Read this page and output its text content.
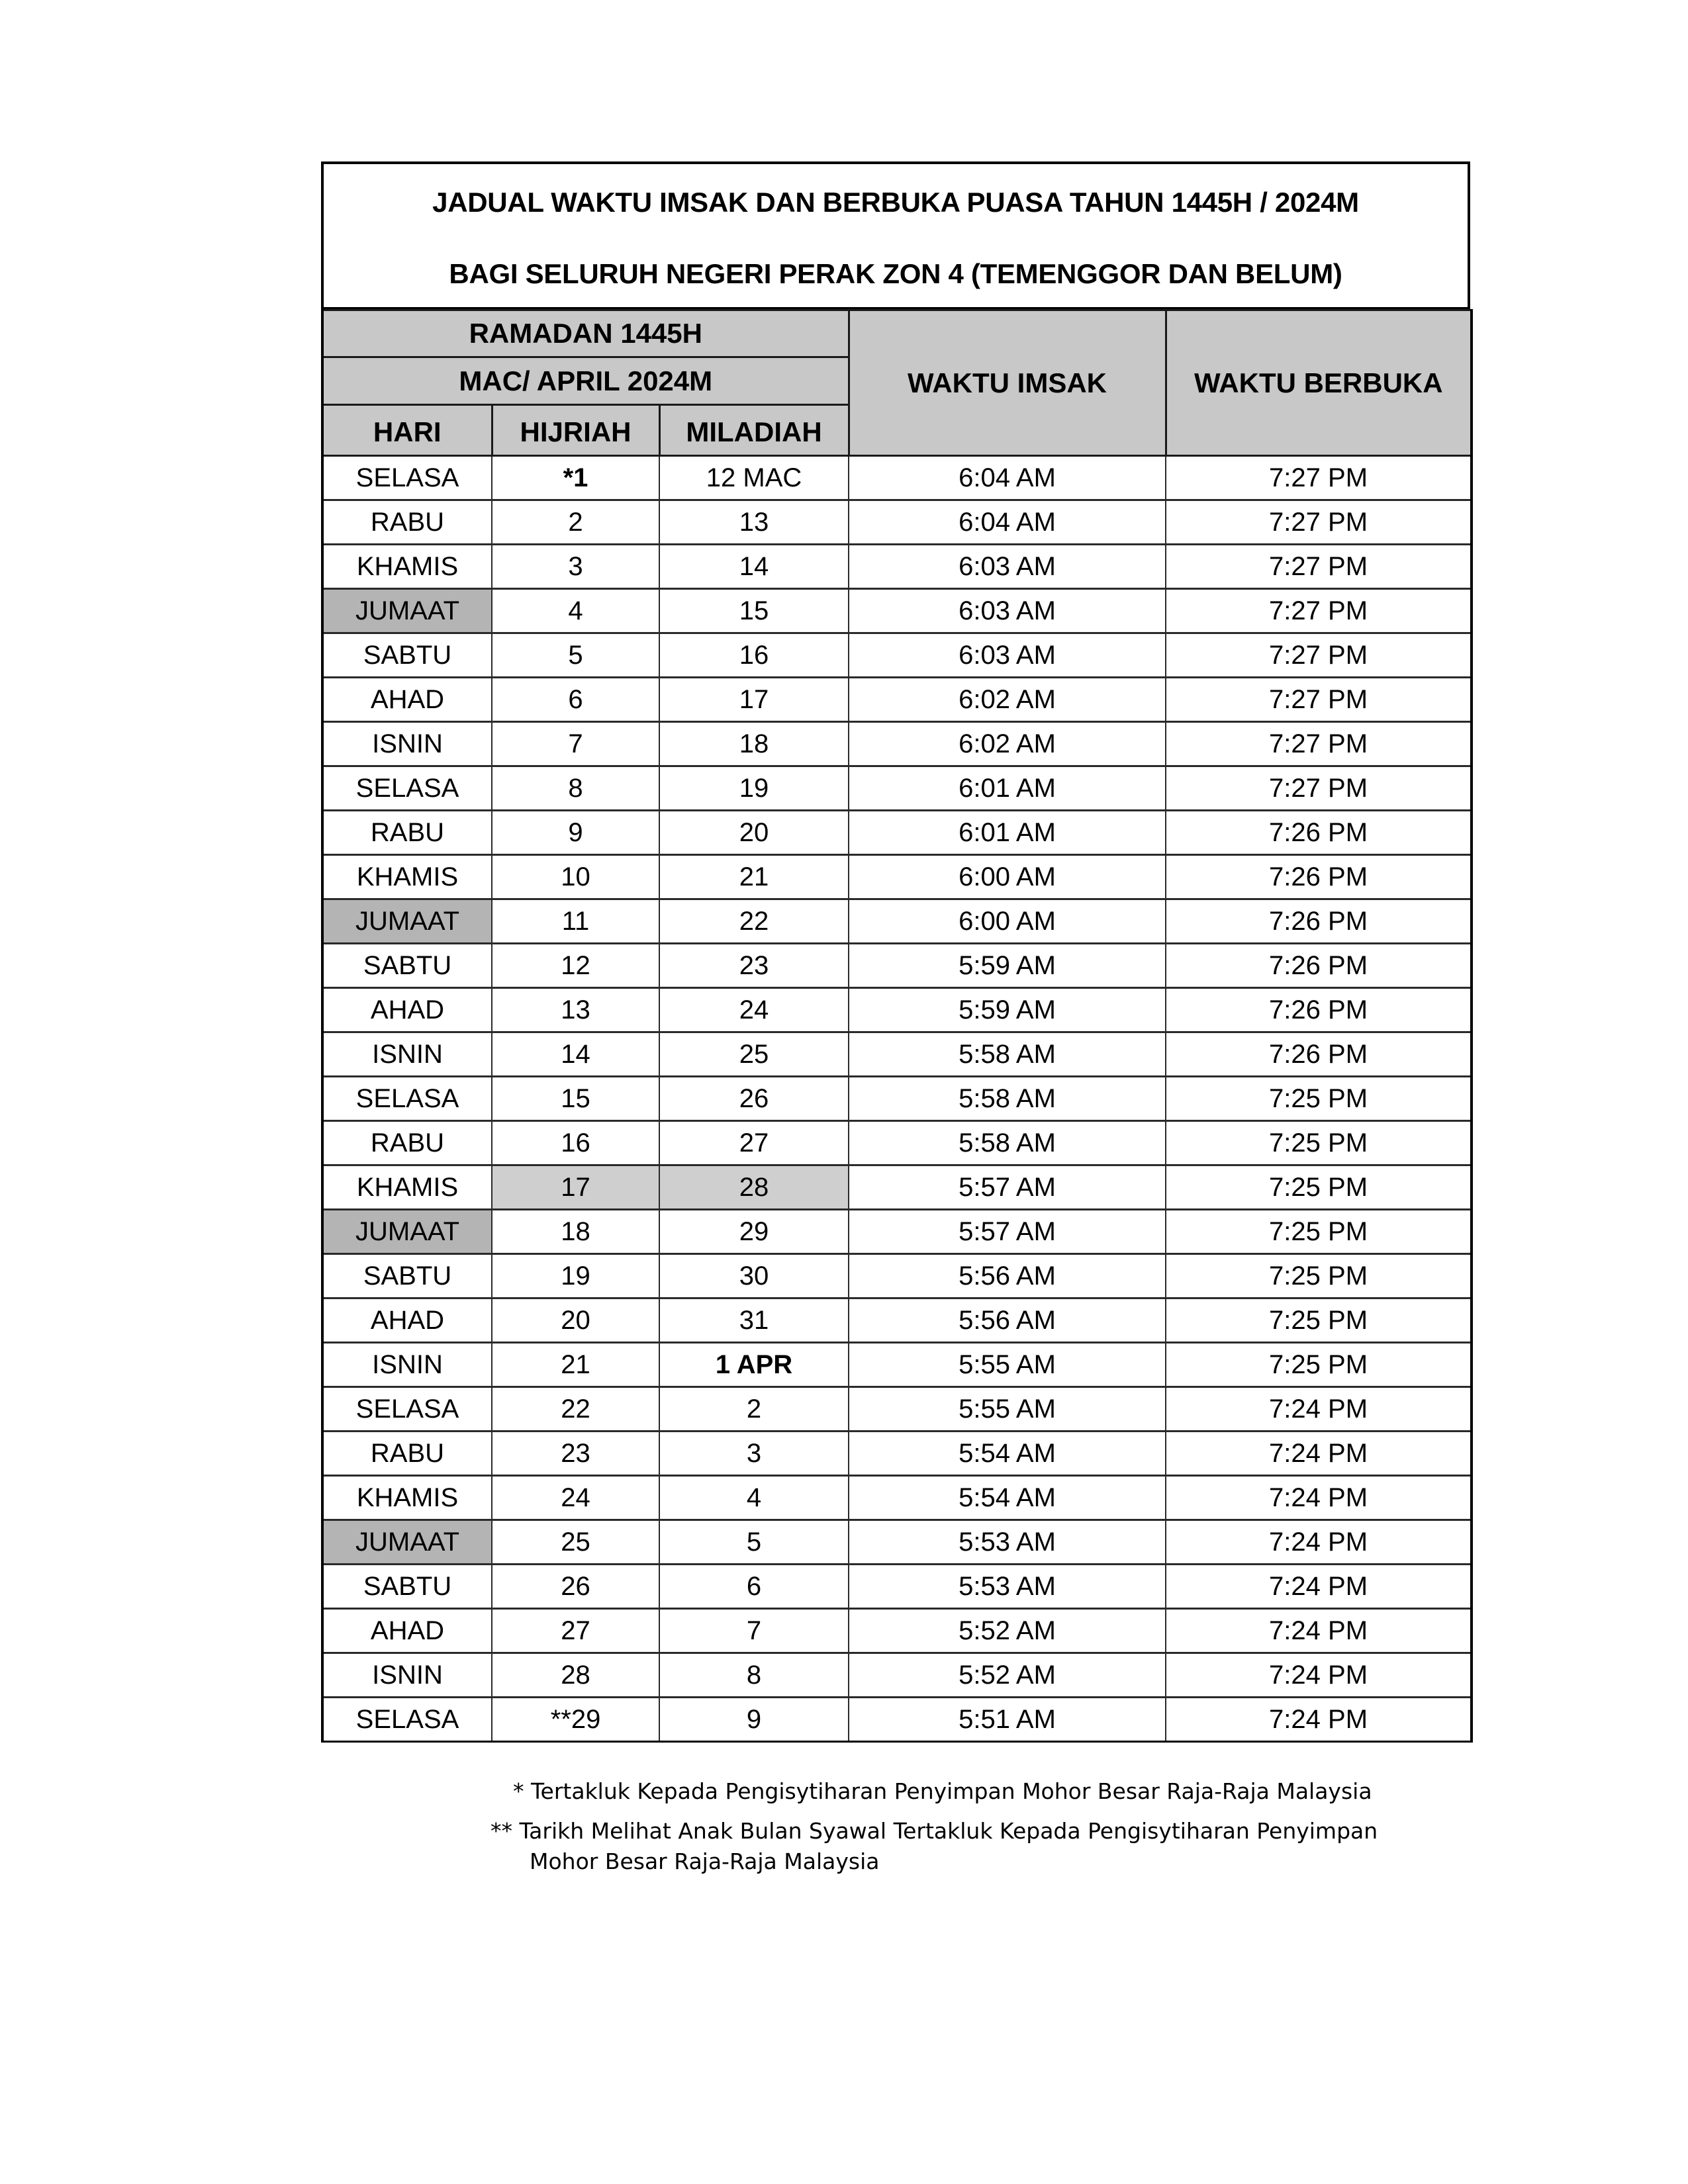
JADUAL WAKTU IMSAK DAN BERBUKA PUASA TAHUN 1445H / 2024M
BAGI SELURUH NEGERI PERAK ZON 4 (TEMENGGOR DAN BELUM)
RAMADAN 1445H			WAKTU IMSAK	WAKTU BERBUKA
MAC/ APRIL 2024M				
HARI	HIJRIAH	MILADIAH		
SELASA	*1	12 MAC	6:04 AM	7:27 PM
RABU	2	13	6:04 AM	7:27 PM
KHAMIS	3	14	6:03 AM	7:27 PM
JUMAAT	4	15	6:03 AM	7:27 PM
SABTU	5	16	6:03 AM	7:27 PM
AHAD	6	17	6:02 AM	7:27 PM
ISNIN	7	18	6:02 AM	7:27 PM
SELASA	8	19	6:01 AM	7:27 PM
RABU	9	20	6:01 AM	7:26 PM
KHAMIS	10	21	6:00 AM	7:26 PM
JUMAAT	11	22	6:00 AM	7:26 PM
SABTU	12	23	5:59 AM	7:26 PM
AHAD	13	24	5:59 AM	7:26 PM
ISNIN	14	25	5:58 AM	7:26 PM
SELASA	15	26	5:58 AM	7:25 PM
RABU	16	27	5:58 AM	7:25 PM
KHAMIS	17	28	5:57 AM	7:25 PM
JUMAAT	18	29	5:57 AM	7:25 PM
SABTU	19	30	5:56 AM	7:25 PM
AHAD	20	31	5:56 AM	7:25 PM
ISNIN	21	1 APR	5:55 AM	7:25 PM
SELASA	22	2	5:55 AM	7:24 PM
RABU	23	3	5:54 AM	7:24 PM
KHAMIS	24	4	5:54 AM	7:24 PM
JUMAAT	25	5	5:53 AM	7:24 PM
SABTU	26	6	5:53 AM	7:24 PM
AHAD	27	7	5:52 AM	7:24 PM
ISNIN	28	8	5:52 AM	7:24 PM
SELASA	**29	9	5:51 AM	7:24 PM
* Tertakluk Kepada Pengisytiharan Penyimpan Mohor Besar Raja-Raja Malaysia
** Tarikh Melihat Anak Bulan Syawal Tertakluk Kepada Pengisytiharan Penyimpan
Mohor Besar Raja-Raja Malaysia
